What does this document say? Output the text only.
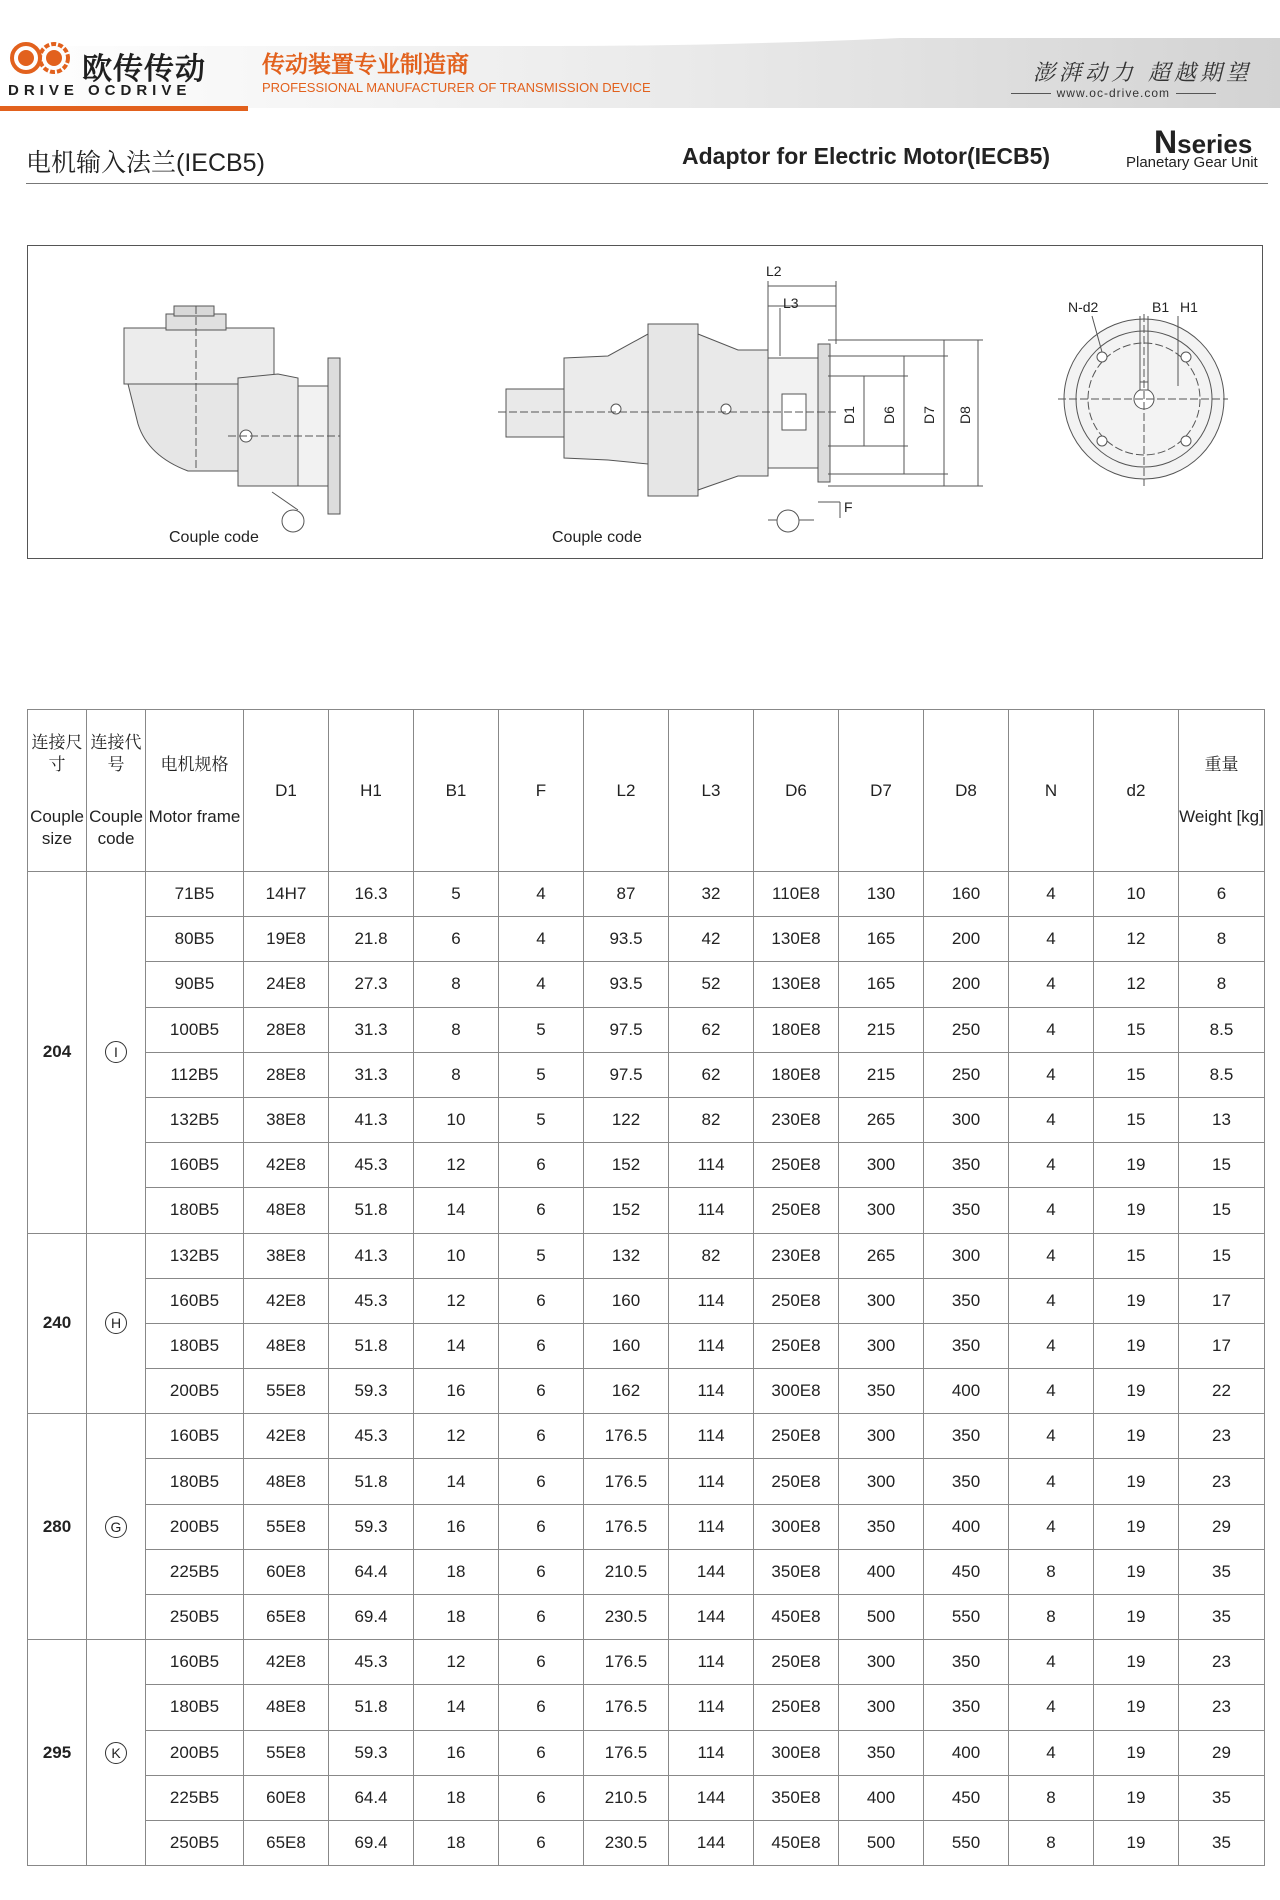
欧传传动
DRIVE OCDRIVE
传动装置专业制造商
PROFESSIONAL MANUFACTURER OF TRANSMISSION DEVICE
澎湃动力 超越期望
www.oc-drive.com
电机输入法兰(IECB5)	Adaptor for Electric Motor(IECB5)	Nseries
Planetary Gear Unit
Couple code
L2
L3
D1 D6 D7 D8
F
Couple code
N-d2	B1 H1
连接尺寸
Couple size	连接代号
Couple code	电机规格
Motor frame	D1	H1	B1	F	L2	L3	D6	D7	D8	N	d2	重量
Weight [kg]
204	I	71B5	14H7	16.3	5	4	87	32	110E8	130	160	4	10	6
		80B5	19E8	21.8	6	4	93.5	42	130E8	165	200	4	12	8
		90B5	24E8	27.3	8	4	93.5	52	130E8	165	200	4	12	8
		100B5	28E8	31.3	8	5	97.5	62	180E8	215	250	4	15	8.5
		112B5	28E8	31.3	8	5	97.5	62	180E8	215	250	4	15	8.5
		132B5	38E8	41.3	10	5	122	82	230E8	265	300	4	15	13
		160B5	42E8	45.3	12	6	152	114	250E8	300	350	4	19	15
		180B5	48E8	51.8	14	6	152	114	250E8	300	350	4	19	15
240	H	132B5	38E8	41.3	10	5	132	82	230E8	265	300	4	15	15
		160B5	42E8	45.3	12	6	160	114	250E8	300	350	4	19	17
		180B5	48E8	51.8	14	6	160	114	250E8	300	350	4	19	17
		200B5	55E8	59.3	16	6	162	114	300E8	350	400	4	19	22
280	G	160B5	42E8	45.3	12	6	176.5	114	250E8	300	350	4	19	23
		180B5	48E8	51.8	14	6	176.5	114	250E8	300	350	4	19	23
		200B5	55E8	59.3	16	6	176.5	114	300E8	350	400	4	19	29
		225B5	60E8	64.4	18	6	210.5	144	350E8	400	450	8	19	35
		250B5	65E8	69.4	18	6	230.5	144	450E8	500	550	8	19	35
295	K	160B5	42E8	45.3	12	6	176.5	114	250E8	300	350	4	19	23
		180B5	48E8	51.8	14	6	176.5	114	250E8	300	350	4	19	23
		200B5	55E8	59.3	16	6	176.5	114	300E8	350	400	4	19	29
		225B5	60E8	64.4	18	6	210.5	144	350E8	400	450	8	19	35
		250B5	65E8	69.4	18	6	230.5	144	450E8	500	550	8	19	35
